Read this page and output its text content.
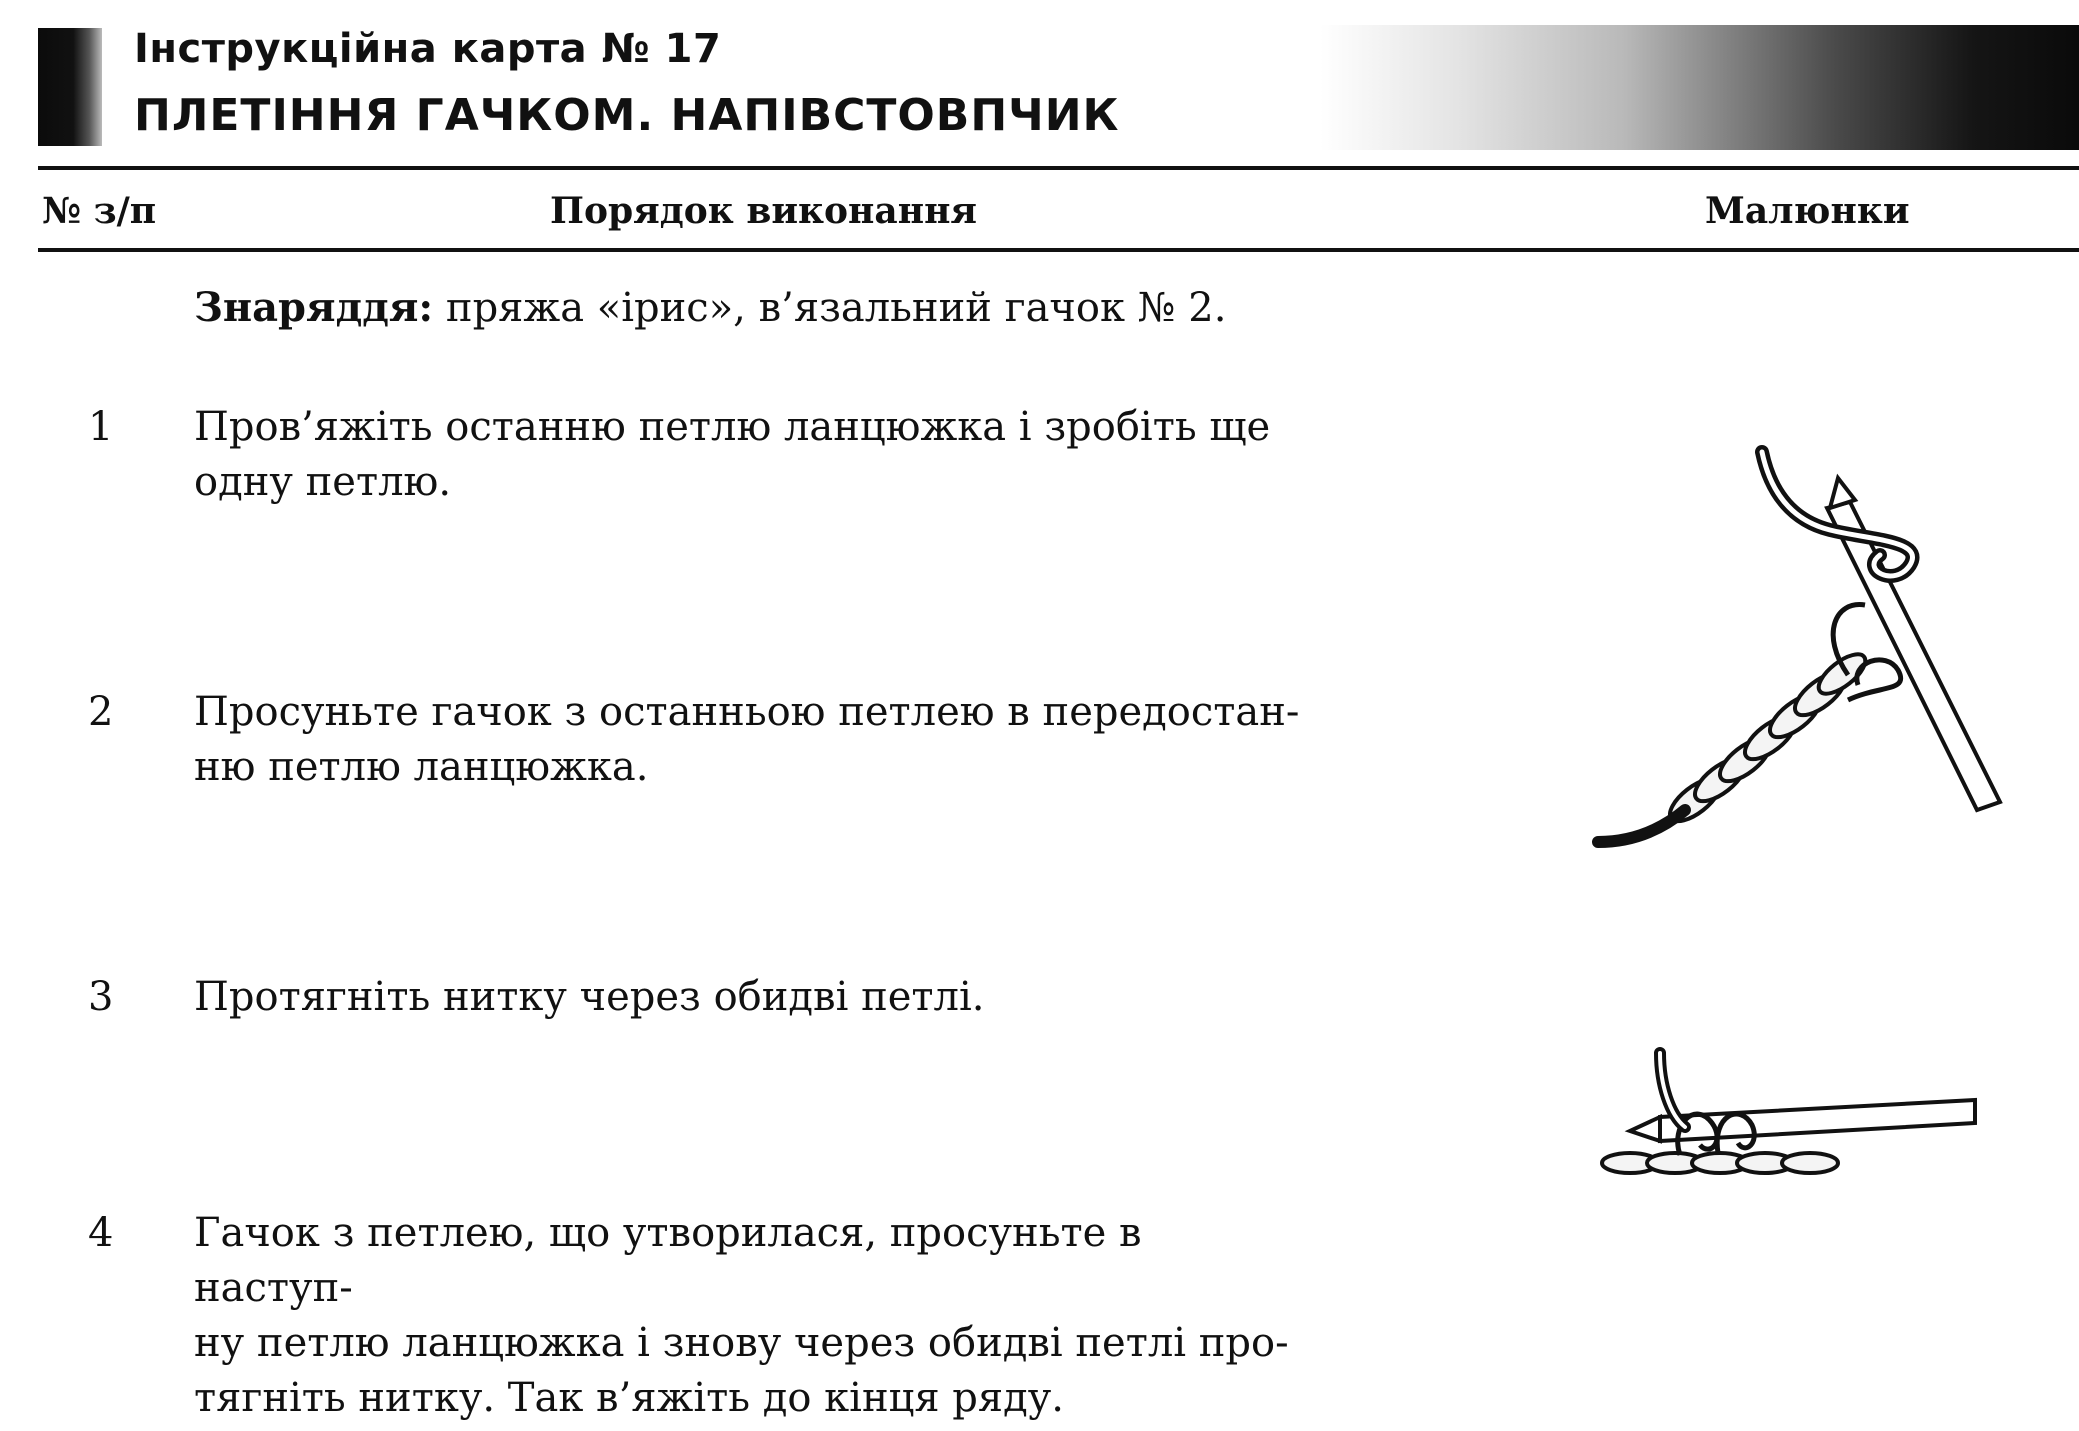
Інструкційна карта № 17
ПЛЕТІННЯ ГАЧКОМ. НАПІВСТОВПЧИК
№ з/п	Порядок виконання	Малюнки
Знаряддя: пряжа «ірис», в’язальний гачок № 2.
1 Пров’яжіть останню петлю ланцюжка і зробіть ще
одну петлю.
2 Просуньте гачок з останньою петлею в передостан-
ню петлю ланцюжка.
3 Протягніть нитку через обидві петлі.
4 Гачок з петлею, що утворилася, просуньте в наступ-
ну петлю ланцюжка і знову через обидві петлі про-
тягніть нитку. Так в’яжіть до кінця ряду.
